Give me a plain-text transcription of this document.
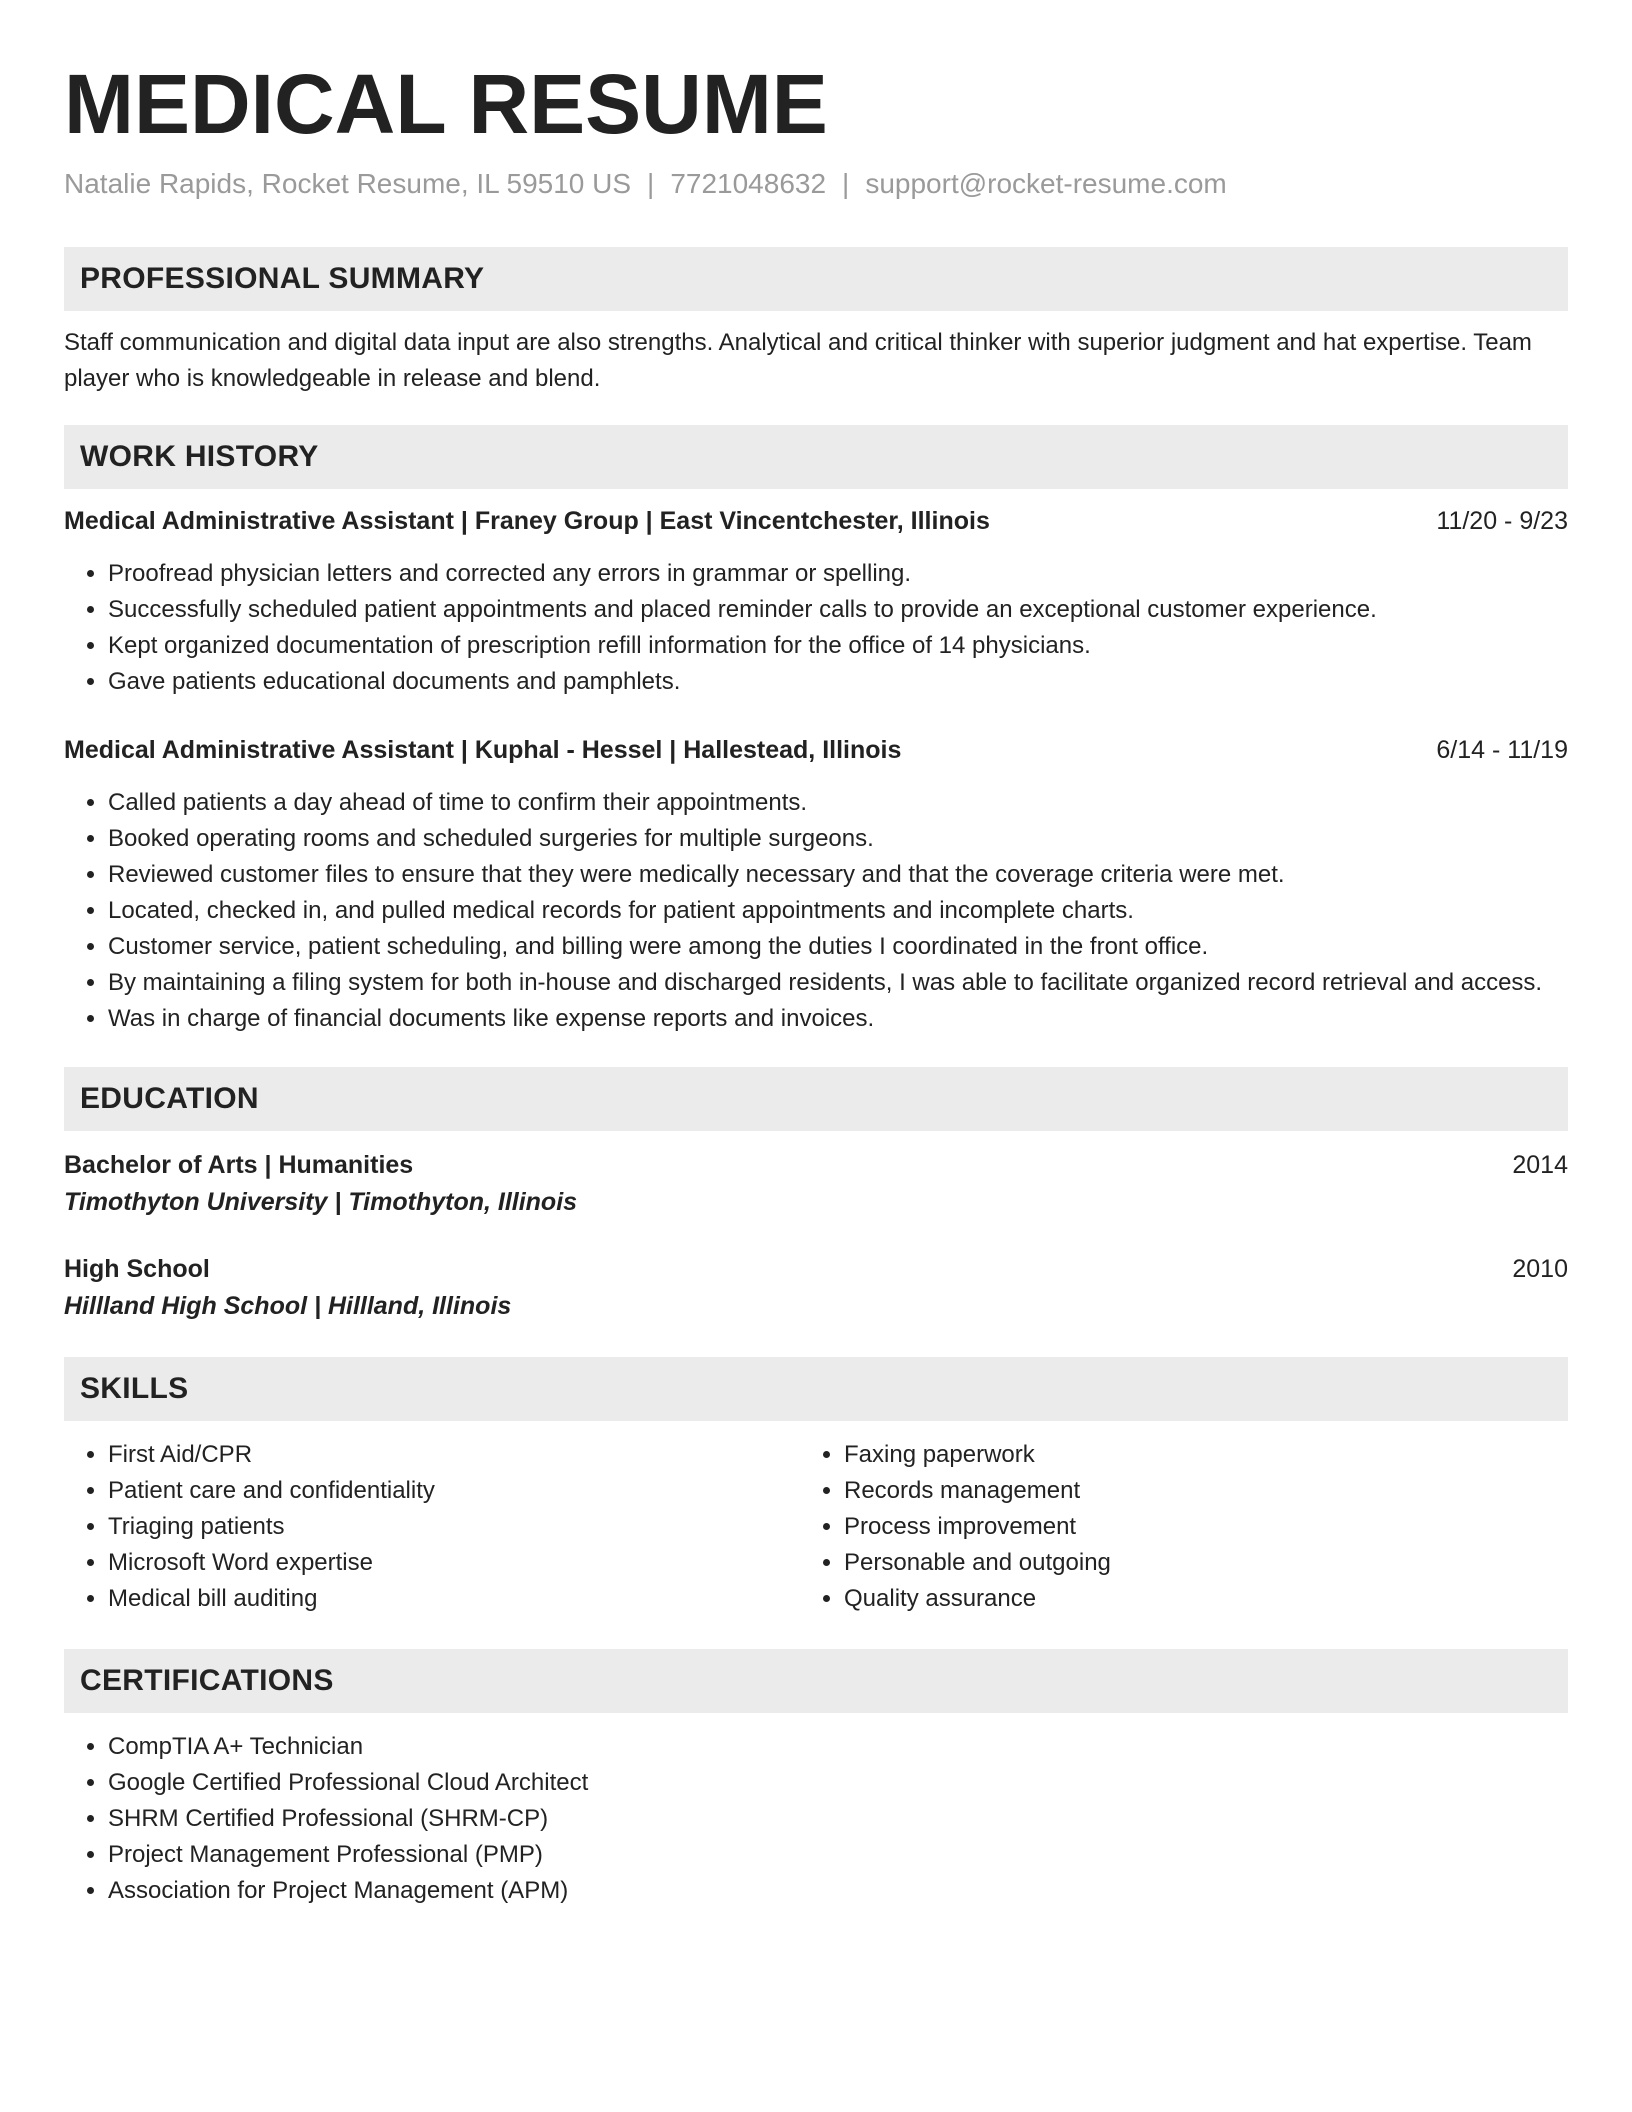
MEDICAL RESUME
Natalie Rapids, Rocket Resume, IL 59510 US | 7721048632 | support@rocket-resume.com
PROFESSIONAL SUMMARY

Staff communication and digital data input are also strengths. Analytical and critical thinker with superior judgment and hat expertise. Team player who is knowledgeable in release and blend.

WORK HISTORY
Medical Administrative Assistant | Franey Group | East Vincentchester, Illinois	11/20 - 9/23
• Proofread physician letters and corrected any errors in grammar or spelling.
• Successfully scheduled patient appointments and placed reminder calls to provide an exceptional customer experience.
• Kept organized documentation of prescription refill information for the office of 14 physicians.
• Gave patients educational documents and pamphlets.
Medical Administrative Assistant | Kuphal - Hessel | Hallestead, Illinois	6/14 - 11/19
• Called patients a day ahead of time to confirm their appointments.
• Booked operating rooms and scheduled surgeries for multiple surgeons.
• Reviewed customer files to ensure that they were medically necessary and that the coverage criteria were met.
• Located, checked in, and pulled medical records for patient appointments and incomplete charts.
• Customer service, patient scheduling, and billing were among the duties I coordinated in the front office.
• By maintaining a filing system for both in-house and discharged residents, I was able to facilitate organized record retrieval and access.
• Was in charge of financial documents like expense reports and invoices.
EDUCATION
Bachelor of Arts | Humanities	2014
Timothyton University | Timothyton, Illinois
High School	2010
Hillland High School | Hillland, Illinois
SKILLS
• First Aid/CPR
• Patient care and confidentiality
• Triaging patients
• Microsoft Word expertise
• Medical bill auditing
• Faxing paperwork
• Records management
• Process improvement
• Personable and outgoing
• Quality assurance
CERTIFICATIONS
• CompTIA A+ Technician
• Google Certified Professional Cloud Architect
• SHRM Certified Professional (SHRM-CP)
• Project Management Professional (PMP)
• Association for Project Management (APM)
